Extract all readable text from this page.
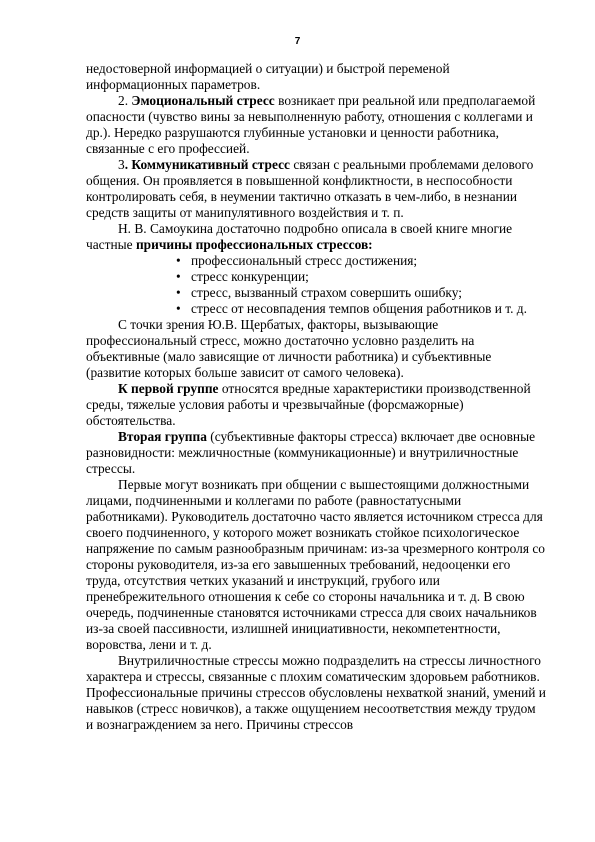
7

недостоверной информацией о ситуации) и быстрой переменой информационных параметров.

2. Эмоциональный стресс возникает при реальной или предполагаемой опасности (чувство вины за невыполненную работу, отношения с коллегами и др.). Нередко разрушаются глубинные установки и ценности работника, связанные с его профессией.

3. Коммуникативный стресс связан с реальными проблемами делового общения. Он проявляется в повышенной конфликтности, в неспособности контролировать себя, в неумении тактично отказать в чем-либо, в незнании средств защиты от манипулятивного воздействия и т. п.

Н. В. Самоукина достаточно подробно описала в своей книге многие частные причины профессиональных стрессов:

• профессиональный стресс достижения;
• стресс конкуренции;
• стресс, вызванный страхом совершить ошибку;
• стресс от несовпадения темпов общения работников и т. д.

С точки зрения Ю.В. Щербатых, факторы, вызывающие профессиональный стресс, можно достаточно условно разделить на объективные (мало зависящие от личности работника) и субъективные (развитие которых больше зависит от самого человека).

К первой группе относятся вредные характеристики производственной среды, тяжелые условия работы и чрезвычайные (форсмажорные) обстоятельства.

Вторая группа (субъективные факторы стресса) включает две основные разновидности: межличностные (коммуникационные) и внутриличностные стрессы.

Первые могут возникать при общении с вышестоящими должностными лицами, подчиненными и коллегами по работе (равностатусными работниками). Руководитель достаточно часто является источником стресса для своего подчиненного, у которого может возникать стойкое психологическое напряжение по самым разнообразным причинам: из-за чрезмерного контроля со стороны руководителя, из-за его завышенных требований, недооценки его труда, отсутствия четких указаний и инструкций, грубого или пренебрежительного отношения к себе со стороны начальника и т. д. В свою очередь, подчиненные становятся источниками стресса для своих начальников из-за своей пассивности, излишней инициативности, некомпетентности, воровства, лени и т. д.

Внутриличностные стрессы можно подразделить на стрессы личностного характера и стрессы, связанные с плохим соматическим здоровьем работников. Профессиональные причины стрессов обусловлены нехваткой знаний, умений и навыков (стресс новичков), а также ощущением несоответствия между трудом и вознаграждением за него. Причины стрессов
